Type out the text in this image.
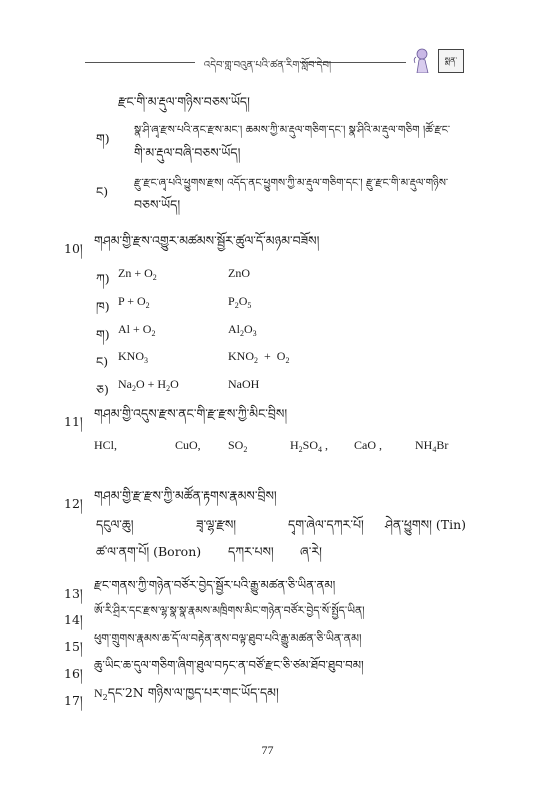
འདེབ་གླ་བའུན་པའི་ཚན་རིག་སློབ་དེབ།	སྨན་
རྫང་གི་མ་རྡུལ་གཉིས་བཅས་ཡོད།
ག)
སྣ་ཤི་ཞྭ་རྫས་པའི་ནང་རྫས་མང་། ཆམས་ཀྱི་མ་རྡུལ་གཅིག་དང་། སྣ་ཤིའི་མ་རྡུལ་གཅིག །ཚོ་རྫང་
གི་མ་རྡུལ་བཞི་བཅས་ཡོད།
ང)
རྫུ་རྫང་ཞྭ་པའི་ཕྱུགས་རྫས། འདོད་ནང་ཕྱུགས་ཀྱི་མ་རྡུལ་གཅིག་དང་། རྫུ་རྫང་གི་མ་རྡུལ་གཉིས་
བཅས་ཡོད།
10།
གཤམ་གྱི་རྫས་འགྱུར་མཚམས་སྦྱོར་ཚུལ་དོ་མཉམ་བཟོས།
ཀ) $Zn + O_2$	ZnO
ཁ) $P + O_2$	$P_2O_5$
ག) $Al + O_2$	$Al_2O_3$
ང) $KNO_3$	$KNO_2 + O_2$
ཅ) $Na_2O + H_2O$	NaOH
11།
གཤམ་གྱི་འདུས་རྫས་ནང་གི་རྫ་རྫས་ཀྱི་མིང་བྲིས།
HCl,	CuO, $SO_2$	$H_2SO_4$ , CaO ,	$NH_4Br$
12།
གཤམ་གྱི་རྫ་རྫས་ཀྱི་མཚོན་རྟགས་རྣམས་བྲིས།
དངུལ་ཆུ།	ཟྭ་ལྷ་རྫས།	དྭག་ཞེལ་དཀར་པོ། ཤེན་ཕྱུགས། (Tin)
ཚ་ལ་ནག་པོ། (Boron) དཀར་པས། ཞ་རེ།
13།
རྫང་གནས་ཀྱི་གཉེན་བཙོར་བྱེད་སྦྱོར་པའི་རྒྱུ་མཚན་ཅི་ཡིན་ནམ།
14།
ཨོ་རི་ཤྲིར་དང་རྫས་ལྷ་སྣ་སྣ་རྣམས་མཁྲིགས་མིང་གཉེན་བཙོར་བྱེད་སོ་སྤྱོད་ཡིན།
15།
ཕུག་གྲུགས་རྣམས་ཆ་དོ་ལ་བརྟེན་ནས་བལྟ་ཐུབ་པའི་རྒྱུ་མཚན་ཅི་ཡིན་ནམ།
16།
ཆུ་ཡིང་ཆ་དུལ་གཅིག་ཞིག་ཐུལ་བཏང་ན་བཙོ་རྫང་ཅི་ཙམ་ཐོབ་ཐུབ་བམ།
17། $N_2དང་2N$ གཉིས་ལ་ཁྱད་པར་གང་ཡོད་དམ།
77
